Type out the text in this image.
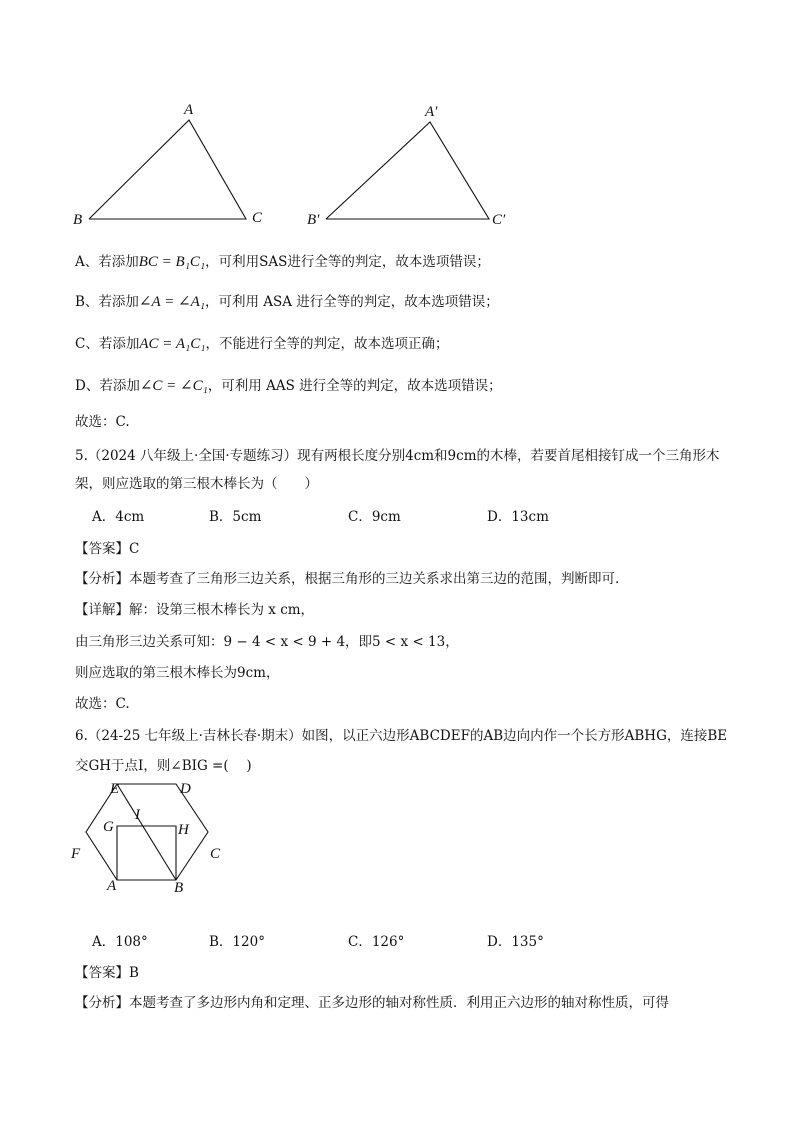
A
B	C
A′
B′	C′
A、若添加BC = B₁C₁，可利用SAS进行全等的判定，故本选项错误；
B、若添加∠A = ∠A₁，可利用 ASA 进行全等的判定，故本选项错误；
C、若添加AC = A₁C₁，不能进行全等的判定，故本选项正确；
D、若添加∠C = ∠C₁，可利用 AAS 进行全等的判定，故本选项错误；
故选：C.
5.（2024 八年级上·全国·专题练习）现有两根长度分别4cm和9cm的木棒，若要首尾相接钉成一个三角形木
架，则应选取的第三根木棒长为（　　）
A．4cm	B．5cm	C．9cm	D．13cm
【答案】C
【分析】本题考查了三角形三边关系，根据三角形的三边关系求出第三边的范围，判断即可.
【详解】解：设第三根木棒长为 x cm，
由三角形三边关系可知：9 − 4 < x < 9 + 4，即5 < x < 13，
则应选取的第三根木棒长为9cm，
故选：C.
6.（24-25 七年级上·吉林长春·期末）如图，以正六边形ABCDEF的AB边向内作一个长方形ABHG，连接BE
交GH于点I，则∠BIG =(　 )
E	D
G
I
H
F	C
A	B
A．108°	B．120°	C．126°	D．135°
【答案】B
【分析】本题考查了多边形内角和定理、正多边形的轴对称性质．利用正六边形的轴对称性质，可得
